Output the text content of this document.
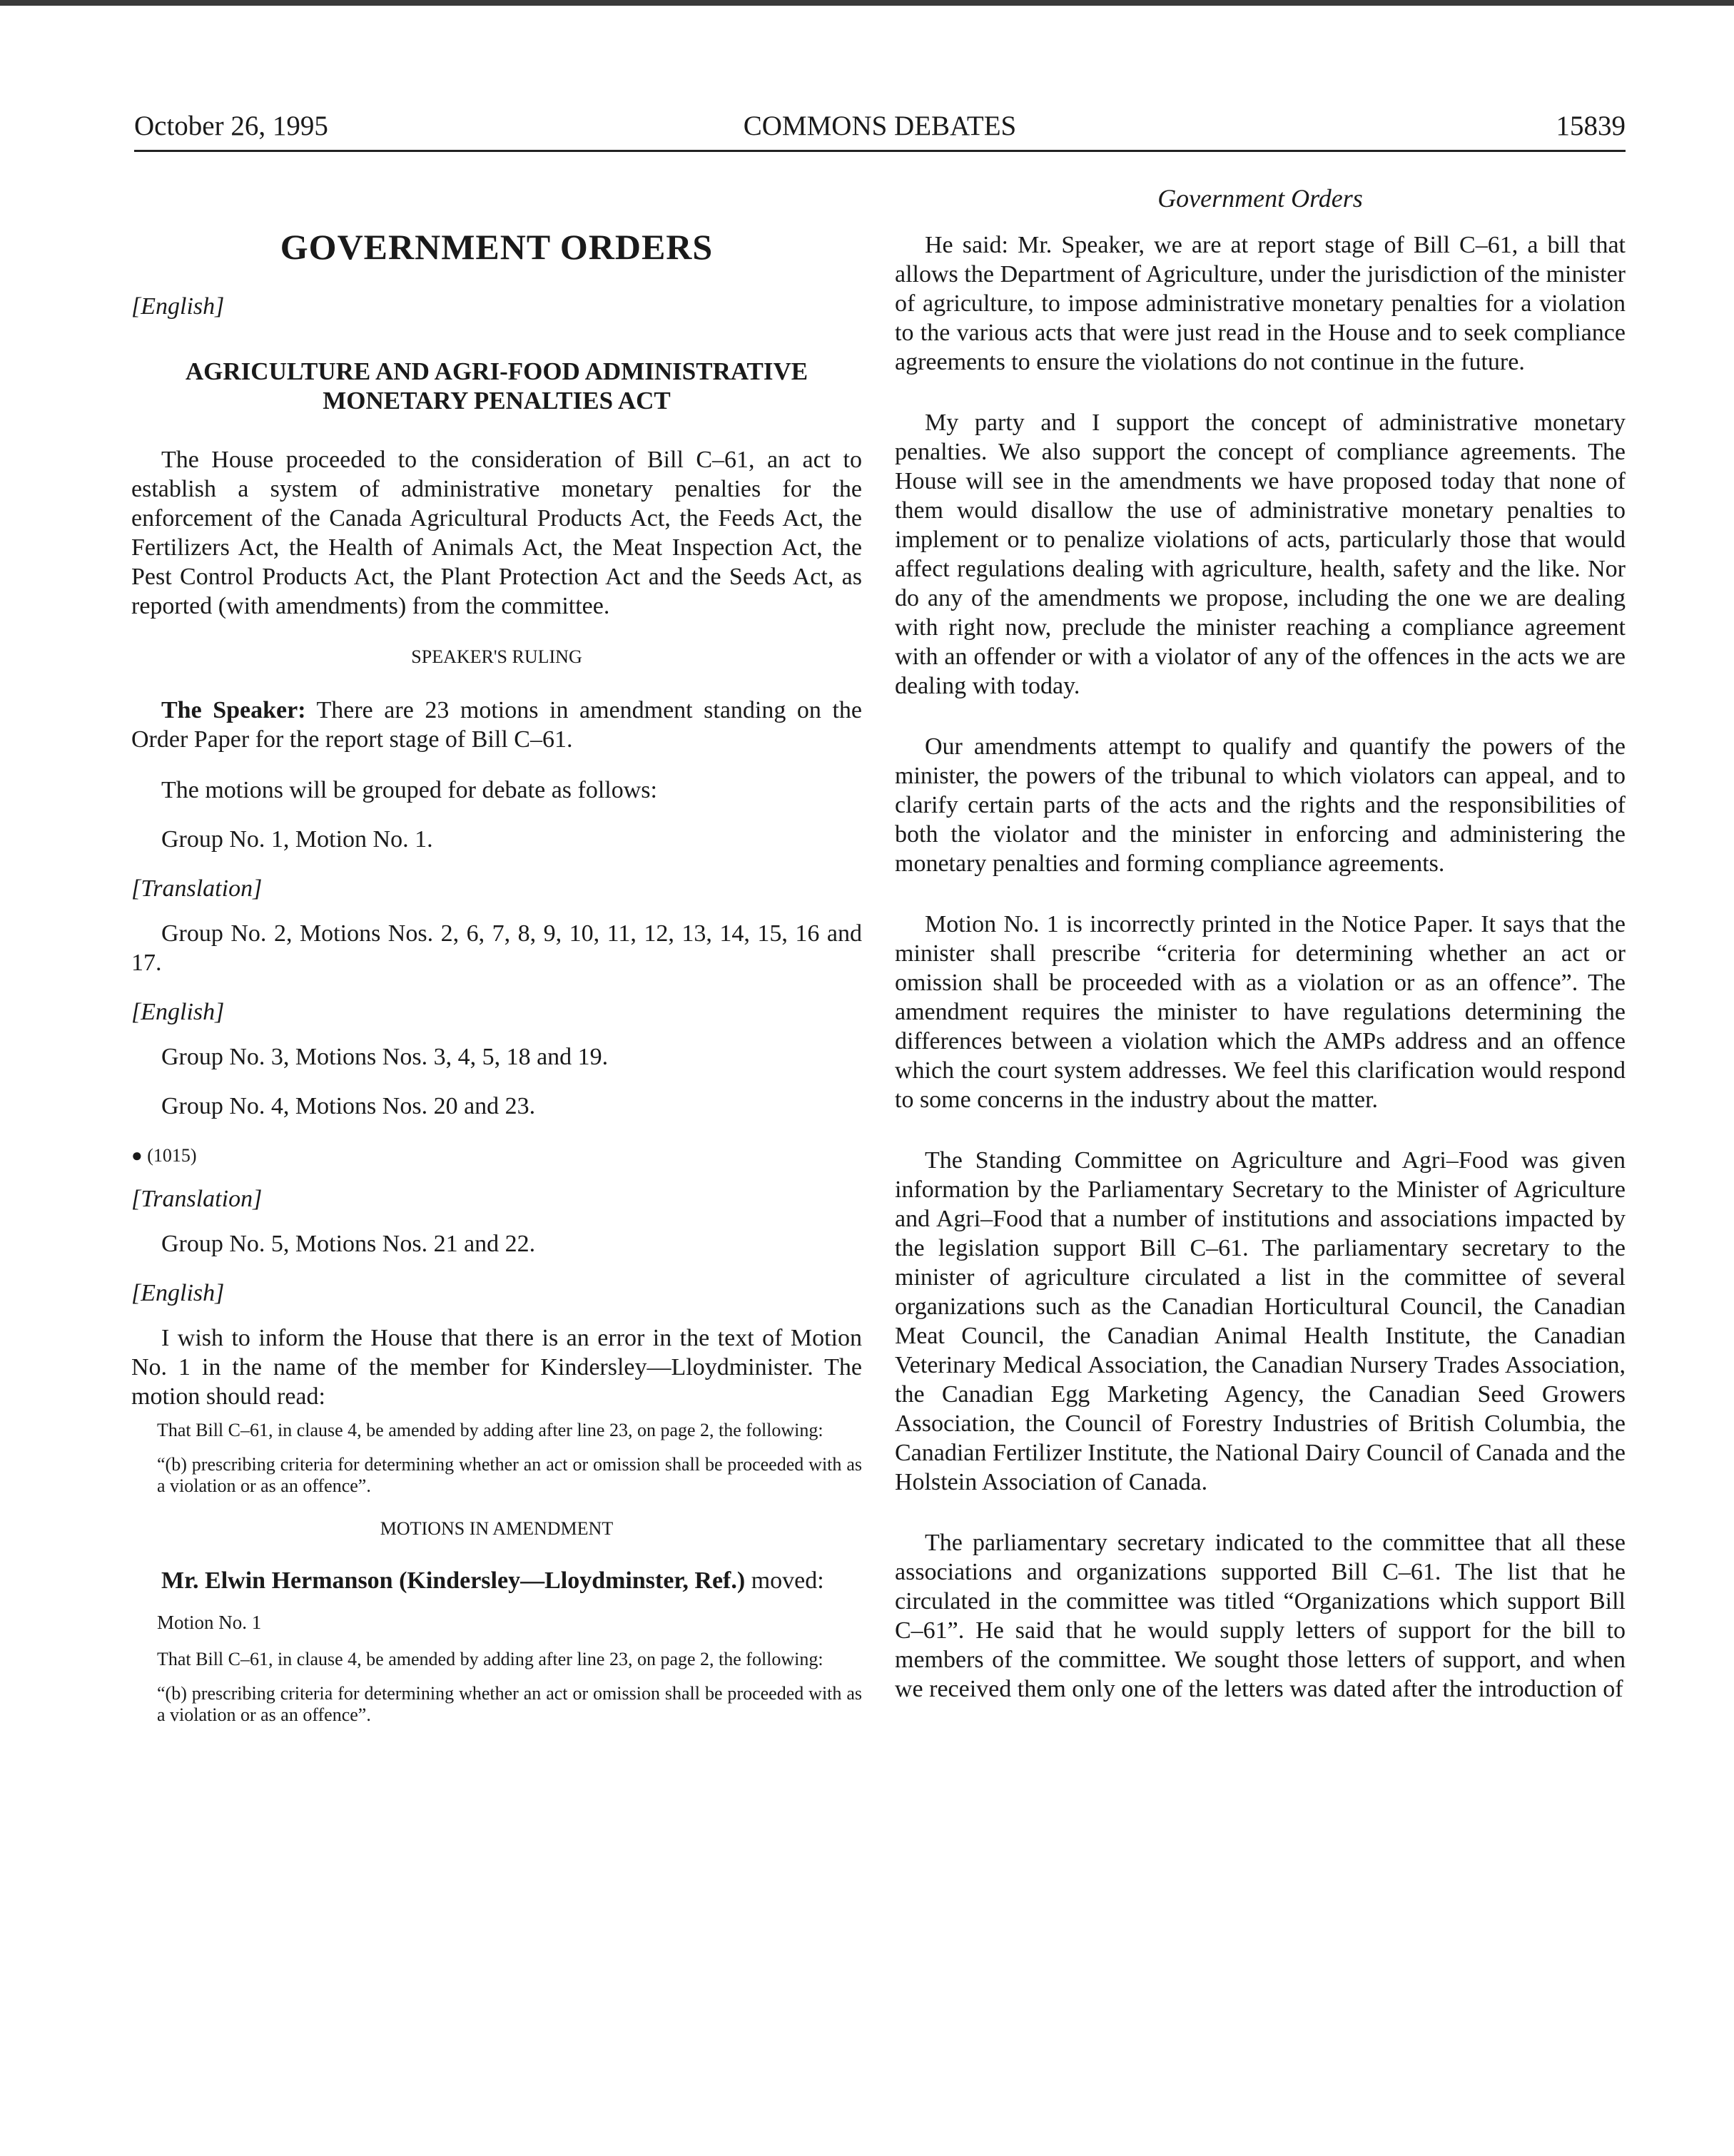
October 26, 1995	COMMONS DEBATES	15839
GOVERNMENT ORDERS
[English]
AGRICULTURE AND AGRI-FOOD ADMINISTRATIVE
MONETARY PENALTIES ACT

The House proceeded to the consideration of Bill C–61, an act to establish a system of administrative monetary penalties for the enforcement of the Canada Agricultural Products Act, the Feeds Act, the Fertilizers Act, the Health of Animals Act, the Meat Inspection Act, the Pest Control Products Act, the Plant Protection Act and the Seeds Act, as reported (with amendments) from the committee.

SPEAKER'S RULING

The Speaker: There are 23 motions in amendment standing on the Order Paper for the report stage of Bill C–61.

The motions will be grouped for debate as follows:

Group No. 1, Motion No. 1.

[Translation]

Group No. 2, Motions Nos. 2, 6, 7, 8, 9, 10, 11, 12, 13, 14, 15, 16 and 17.

[English]

Group No. 3, Motions Nos. 3, 4, 5, 18 and 19.

Group No. 4, Motions Nos. 20 and 23.

● (1015)
[Translation]

Group No. 5, Motions Nos. 21 and 22.

[English]

I wish to inform the House that there is an error in the text of Motion No. 1 in the name of the member for Kindersley—Lloydminister. The motion should read:

That Bill C–61, in clause 4, be amended by adding after line 23, on page 2, the following:

“(b) prescribing criteria for determining whether an act or omission shall be proceeded with as a violation or as an offence”.

MOTIONS IN AMENDMENT

Mr. Elwin Hermanson (Kindersley—Lloydminster, Ref.) moved:

Motion No. 1

That Bill C–61, in clause 4, be amended by adding after line 23, on page 2, the following:

“(b) prescribing criteria for determining whether an act or omission shall be proceeded with as a violation or as an offence”.

Government Orders

He said: Mr. Speaker, we are at report stage of Bill C–61, a bill that allows the Department of Agriculture, under the jurisdiction of the minister of agriculture, to impose administrative monetary penalties for a violation to the various acts that were just read in the House and to seek compliance agreements to ensure the violations do not continue in the future.

My party and I support the concept of administrative monetary penalties. We also support the concept of compliance agreements. The House will see in the amendments we have proposed today that none of them would disallow the use of administrative monetary penalties to implement or to penalize violations of acts, particularly those that would affect regulations dealing with agriculture, health, safety and the like. Nor do any of the amendments we propose, including the one we are dealing with right now, preclude the minister reaching a compliance agreement with an offender or with a violator of any of the offences in the acts we are dealing with today.

Our amendments attempt to qualify and quantify the powers of the minister, the powers of the tribunal to which violators can appeal, and to clarify certain parts of the acts and the rights and the responsibilities of both the violator and the minister in enforcing and administering the monetary penalties and forming compliance agreements.

Motion No. 1 is incorrectly printed in the Notice Paper. It says that the minister shall prescribe “criteria for determining whether an act or omission shall be proceeded with as a violation or as an offence”. The amendment requires the minister to have regulations determining the differences between a violation which the AMPs address and an offence which the court system addresses. We feel this clarification would respond to some concerns in the industry about the matter.

The Standing Committee on Agriculture and Agri–Food was given information by the Parliamentary Secretary to the Minister of Agriculture and Agri–Food that a number of institutions and associations impacted by the legislation support Bill C–61. The parliamentary secretary to the minister of agriculture circulated a list in the committee of several organizations such as the Canadian Horticultural Council, the Canadian Meat Council, the Canadian Animal Health Institute, the Canadian Veterinary Medical Association, the Canadian Nursery Trades Association, the Canadian Egg Marketing Agency, the Canadian Seed Growers Association, the Council of Forestry Industries of British Columbia, the Canadian Fertilizer Institute, the National Dairy Council of Canada and the Holstein Association of Canada.

The parliamentary secretary indicated to the committee that all these associations and organizations supported Bill C–61. The list that he circulated in the committee was titled “Organizations which support Bill C–61”. He said that he would supply letters of support for the bill to members of the committee. We sought those letters of support, and when we received them only one of the letters was dated after the introduction of
